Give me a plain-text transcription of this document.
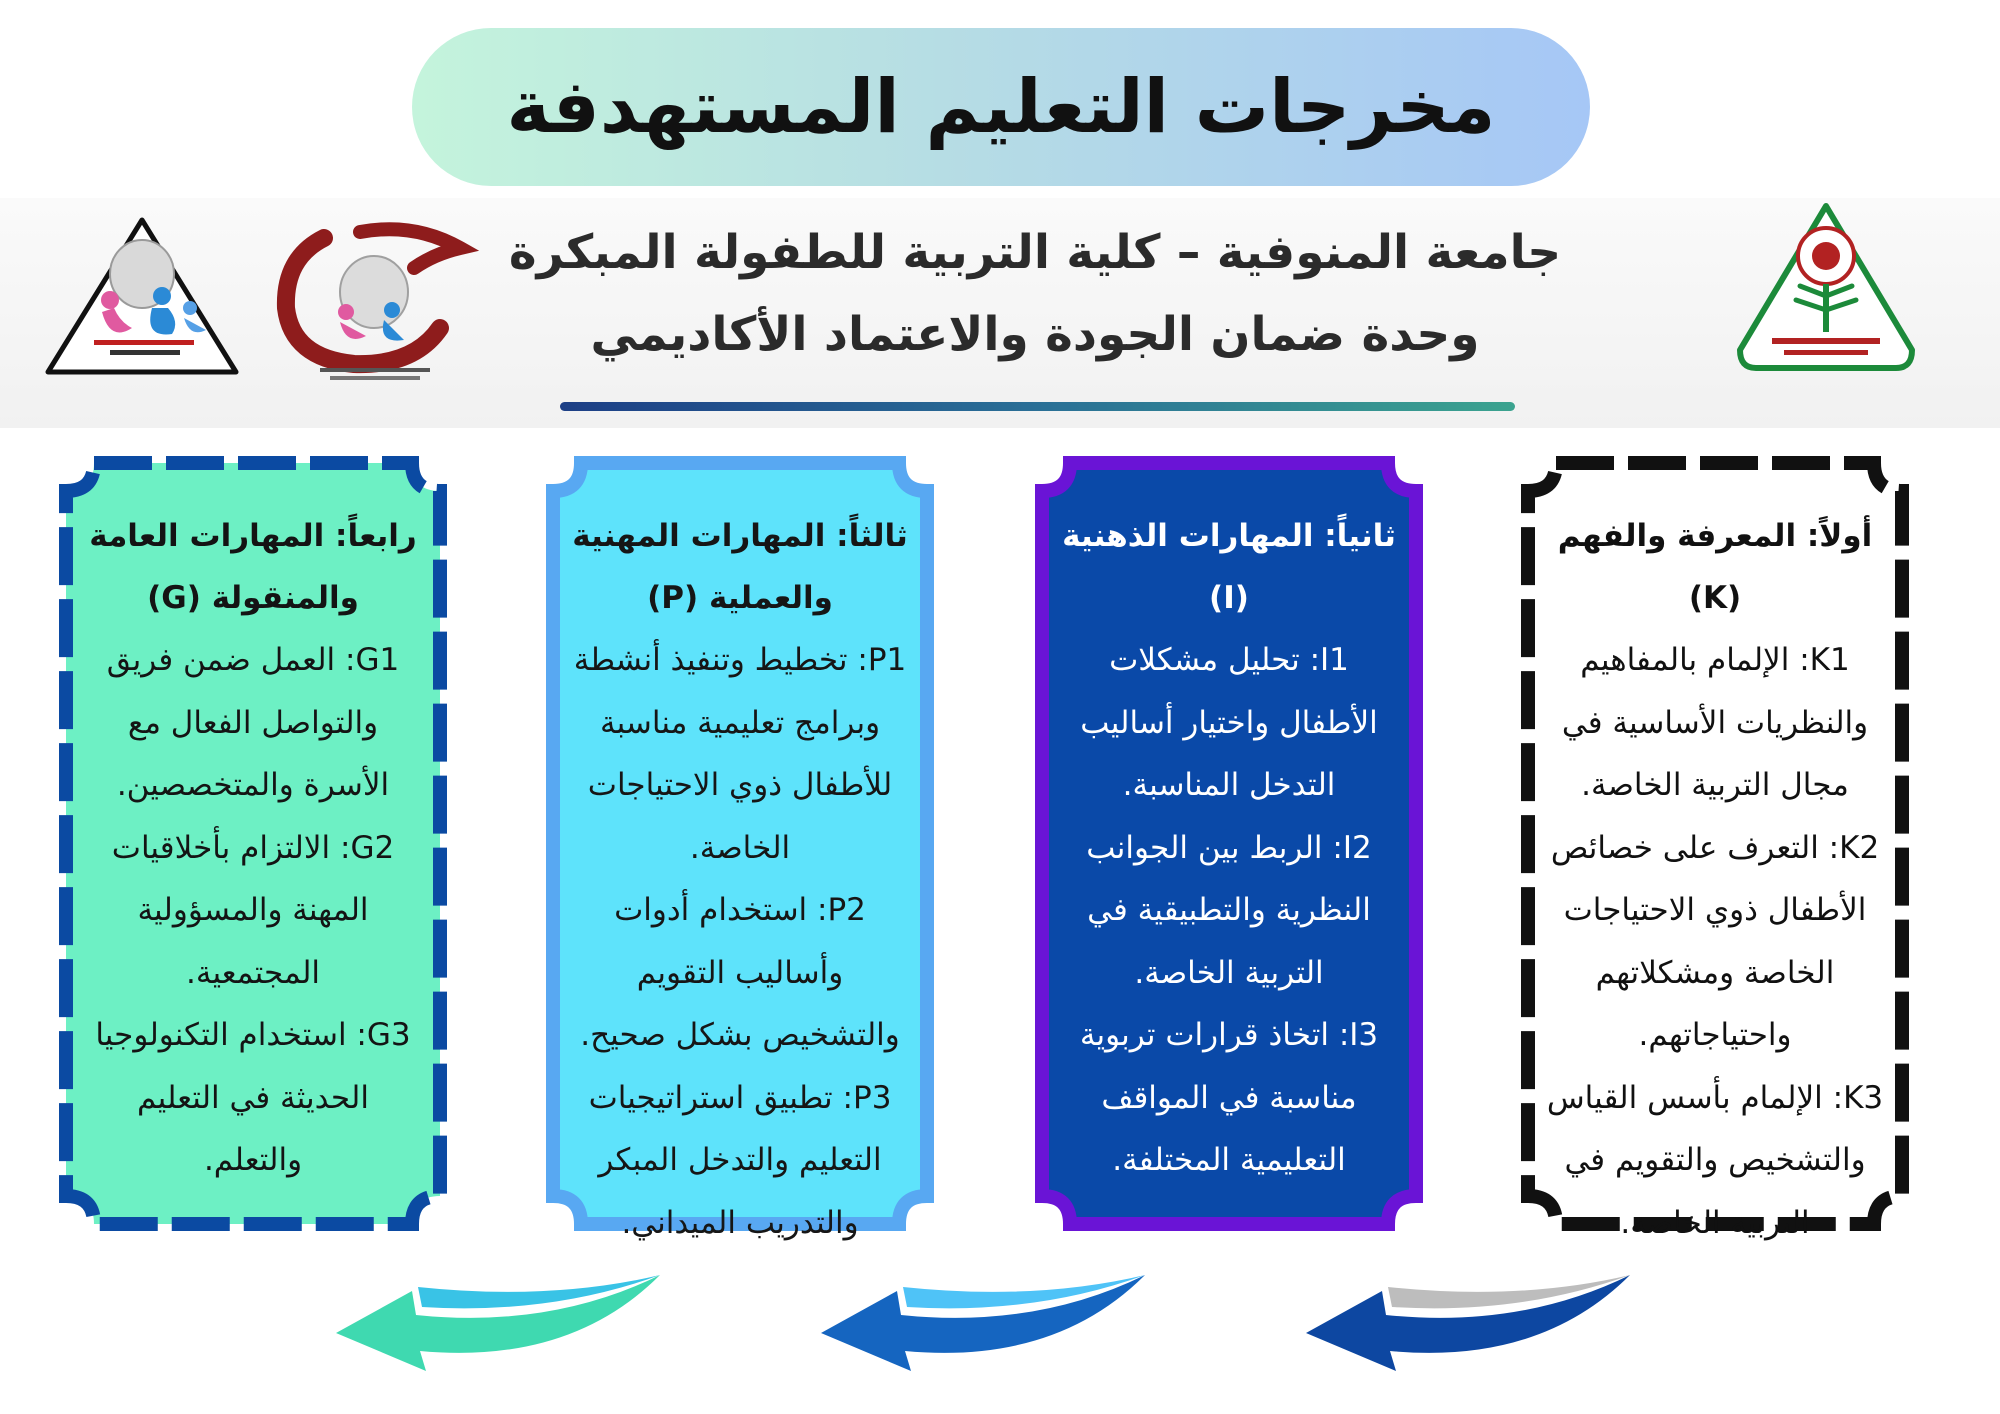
مخرجات التعليم المستهدفة
جامعة المنوفية – كلية التربية للطفولة المبكرة
وحدة ضمان الجودة والاعتماد الأكاديمي
أولاً: المعرفة والفهم (K)
K1: الإلمام بالمفاهيم والنظريات الأساسية في مجال التربية الخاصة.
K2: التعرف على خصائص الأطفال ذوي الاحتياجات الخاصة ومشكلاتهم واحتياجاتهم.
K3: الإلمام بأسس القياس والتشخيص والتقويم في التربية الخاصة.
ثانياً: المهارات الذهنية (I)
I1: تحليل مشكلات الأطفال واختيار أساليب التدخل المناسبة.
I2: الربط بين الجوانب النظرية والتطبيقية في التربية الخاصة.
I3: اتخاذ قرارات تربوية مناسبة في المواقف التعليمية المختلفة.
ثالثاً: المهارات المهنية والعملية (P)
P1: تخطيط وتنفيذ أنشطة وبرامج تعليمية مناسبة للأطفال ذوي الاحتياجات الخاصة.
P2: استخدام أدوات وأساليب التقويم والتشخيص بشكل صحيح.
P3: تطبيق استراتيجيات التعليم والتدخل المبكر والتدريب الميداني.
رابعاً: المهارات العامة والمنقولة (G)
G1: العمل ضمن فريق والتواصل الفعال مع الأسرة والمتخصصين.
G2: الالتزام بأخلاقيات المهنة والمسؤولية المجتمعية.
G3: استخدام التكنولوجيا الحديثة في التعليم والتعلم.
